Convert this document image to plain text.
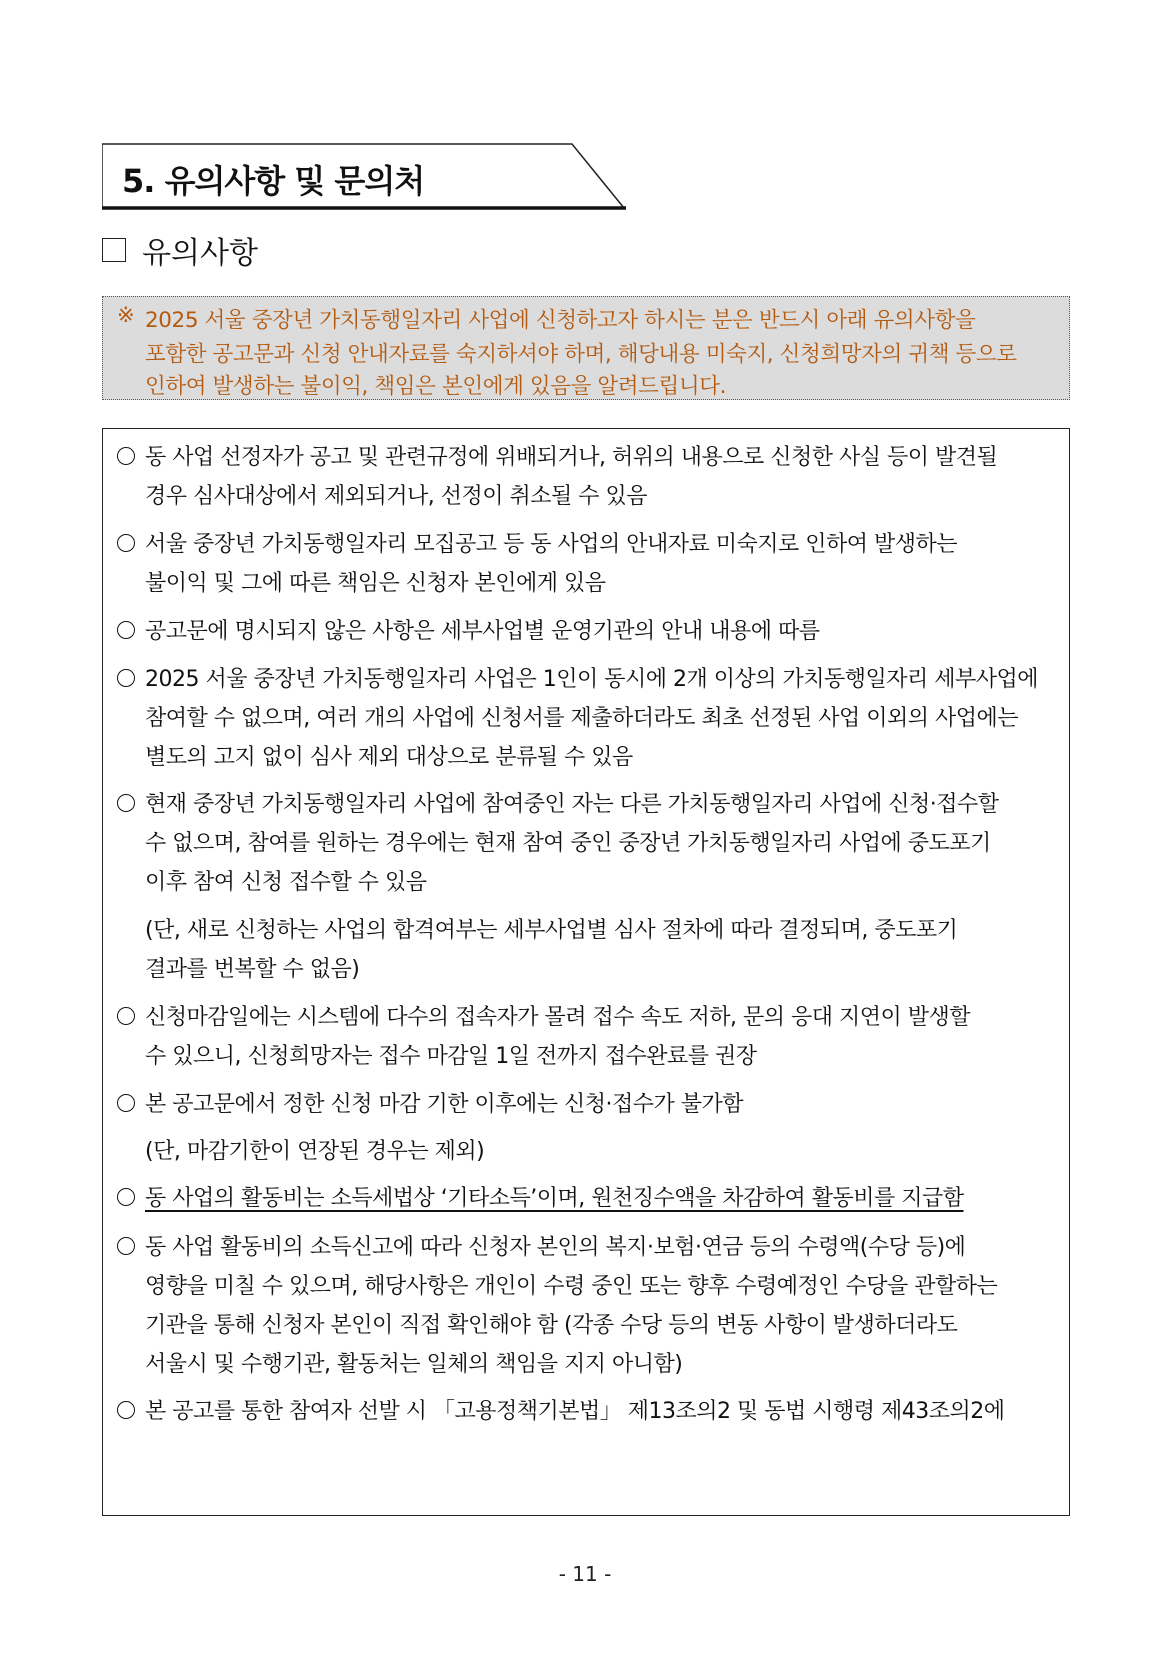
5. 유의사항 및 문의처
유의사항
※ 2025 서울 중장년 가치동행일자리 사업에 신청하고자 하시는 분은 반드시 아래 유의사항을
포함한 공고문과 신청 안내자료를 숙지하셔야 하며, 해당내용 미숙지, 신청희망자의 귀책 등으로
인하여 발생하는 불이익, 책임은 본인에게 있음을 알려드립니다.
동 사업 선정자가 공고 및 관련규정에 위배되거나, 허위의 내용으로 신청한 사실 등이 발견될
경우 심사대상에서 제외되거나, 선정이 취소될 수 있음
서울 중장년 가치동행일자리 모집공고 등 동 사업의 안내자료 미숙지로 인하여 발생하는
불이익 및 그에 따른 책임은 신청자 본인에게 있음
공고문에 명시되지 않은 사항은 세부사업별 운영기관의 안내 내용에 따름
2025 서울 중장년 가치동행일자리 사업은 1인이 동시에 2개 이상의 가치동행일자리 세부사업에
참여할 수 없으며, 여러 개의 사업에 신청서를 제출하더라도 최초 선정된 사업 이외의 사업에는
별도의 고지 없이 심사 제외 대상으로 분류될 수 있음
현재 중장년 가치동행일자리 사업에 참여중인 자는 다른 가치동행일자리 사업에 신청·접수할
수 없으며, 참여를 원하는 경우에는 현재 참여 중인 중장년 가치동행일자리 사업에 중도포기
이후 참여 신청 접수할 수 있음
(단, 새로 신청하는 사업의 합격여부는 세부사업별 심사 절차에 따라 결정되며, 중도포기
결과를 번복할 수 없음)
신청마감일에는 시스템에 다수의 접속자가 몰려 접수 속도 저하, 문의 응대 지연이 발생할
수 있으니, 신청희망자는 접수 마감일 1일 전까지 접수완료를 권장
본 공고문에서 정한 신청 마감 기한 이후에는 신청·접수가 불가함
(단, 마감기한이 연장된 경우는 제외)
동 사업의 활동비는 소득세법상 ‘기타소득’이며, 원천징수액을 차감하여 활동비를 지급함
동 사업 활동비의 소득신고에 따라 신청자 본인의 복지·보험·연금 등의 수령액(수당 등)에
영향을 미칠 수 있으며, 해당사항은 개인이 수령 중인 또는 향후 수령예정인 수당을 관할하는
기관을 통해 신청자 본인이 직접 확인해야 함 (각종 수당 등의 변동 사항이 발생하더라도
서울시 및 수행기관, 활동처는 일체의 책임을 지지 아니함)
본 공고를 통한 참여자 선발 시 「고용정책기본법」 제13조의2 및 동법 시행령 제43조의2에
- 11 -
